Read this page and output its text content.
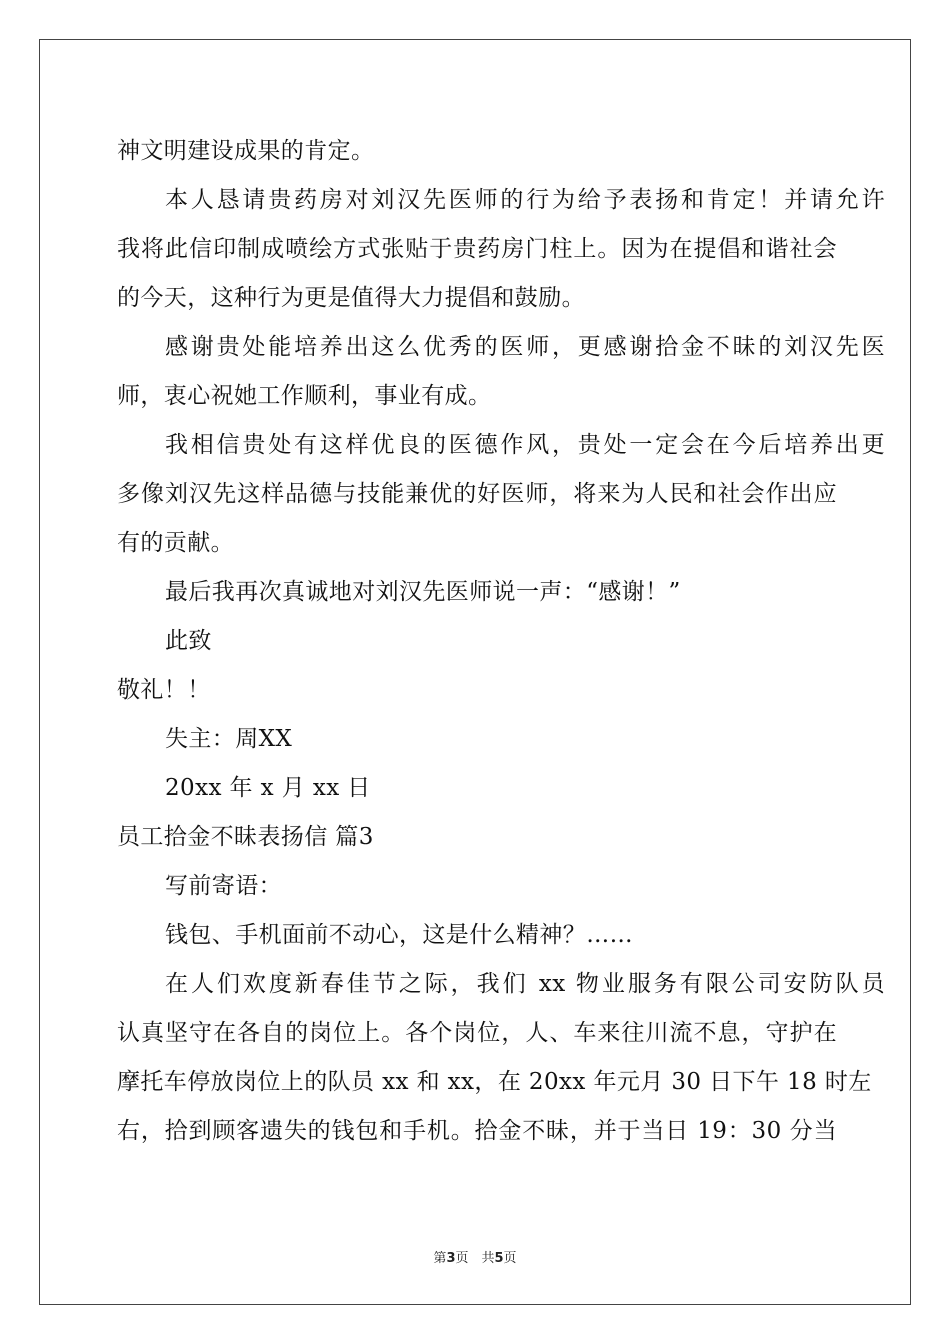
神文明建设成果的肯定。
本人恳请贵药房对刘汉先医师的行为给予表扬和肯定！并请允许
我将此信印制成喷绘方式张贴于贵药房门柱上。因为在提倡和谐社会
的今天，这种行为更是值得大力提倡和鼓励。
感谢贵处能培养出这么优秀的医师，更感谢拾金不昧的刘汉先医
师，衷心祝她工作顺利，事业有成。
我相信贵处有这样优良的医德作风，贵处一定会在今后培养出更
多像刘汉先这样品德与技能兼优的好医师，将来为人民和社会作出应
有的贡献。
最后我再次真诚地对刘汉先医师说一声：“感谢！”
此致
敬礼！！
失主：周XX
20xx 年 x 月 xx 日
员工拾金不昧表扬信 篇3
写前寄语：
钱包、手机面前不动心，这是什么精神？……
在人们欢度新春佳节之际，我们 xx 物业服务有限公司安防队员
认真坚守在各自的岗位上。各个岗位，人、车来往川流不息，守护在
摩托车停放岗位上的队员 xx 和 xx，在 20xx 年元月 30 日下午 18 时左
右，拾到顾客遗失的钱包和手机。拾金不昧，并于当日 19：30 分当
第3页　共5页
